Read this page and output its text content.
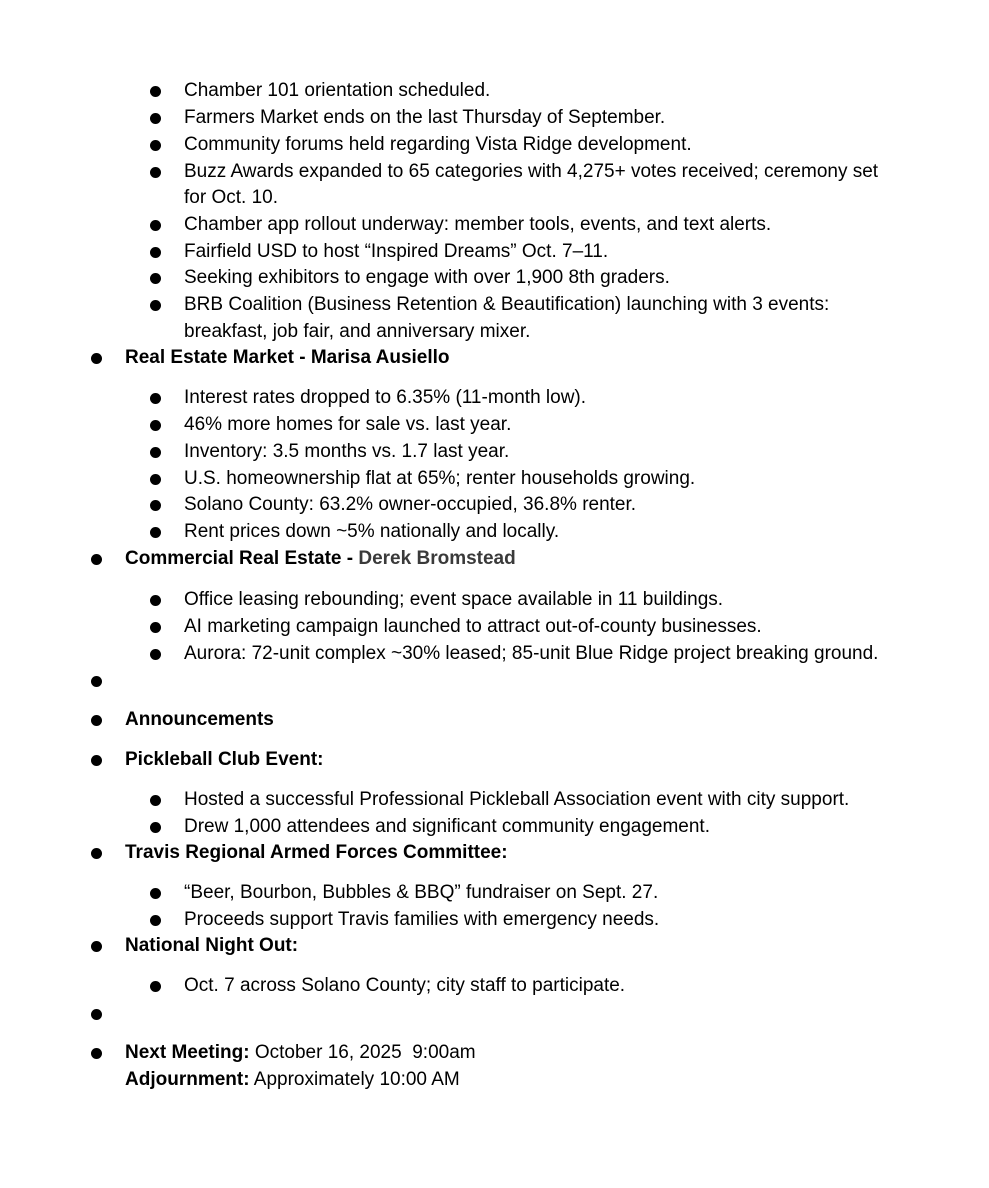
Chamber 101 orientation scheduled.
Farmers Market ends on the last Thursday of September.
Community forums held regarding Vista Ridge development.
Buzz Awards expanded to 65 categories with 4,275+ votes received; ceremony set
for Oct. 10.
Chamber app rollout underway: member tools, events, and text alerts.
Fairfield USD to host “Inspired Dreams” Oct. 7–11.
Seeking exhibitors to engage with over 1,900 8th graders.
BRB Coalition (Business Retention & Beautification) launching with 3 events:
breakfast, job fair, and anniversary mixer.
Real Estate Market - Marisa Ausiello
Interest rates dropped to 6.35% (11-month low).
46% more homes for sale vs. last year.
Inventory: 3.5 months vs. 1.7 last year.
U.S. homeownership flat at 65%; renter households growing.
Solano County: 63.2% owner-occupied, 36.8% renter.
Rent prices down ~5% nationally and locally.
Commercial Real Estate - Derek Bromstead
Office leasing rebounding; event space available in 11 buildings.
AI marketing campaign launched to attract out-of-county businesses.
Aurora: 72-unit complex ~30% leased; 85-unit Blue Ridge project breaking ground.
Announcements
Pickleball Club Event:
Hosted a successful Professional Pickleball Association event with city support.
Drew 1,000 attendees and significant community engagement.
Travis Regional Armed Forces Committee:
“Beer, Bourbon, Bubbles & BBQ” fundraiser on Sept. 27.
Proceeds support Travis families with emergency needs.
National Night Out:
Oct. 7 across Solano County; city staff to participate.
Next Meeting: October 16, 2025  9:00am
Adjournment: Approximately 10:00 AM
